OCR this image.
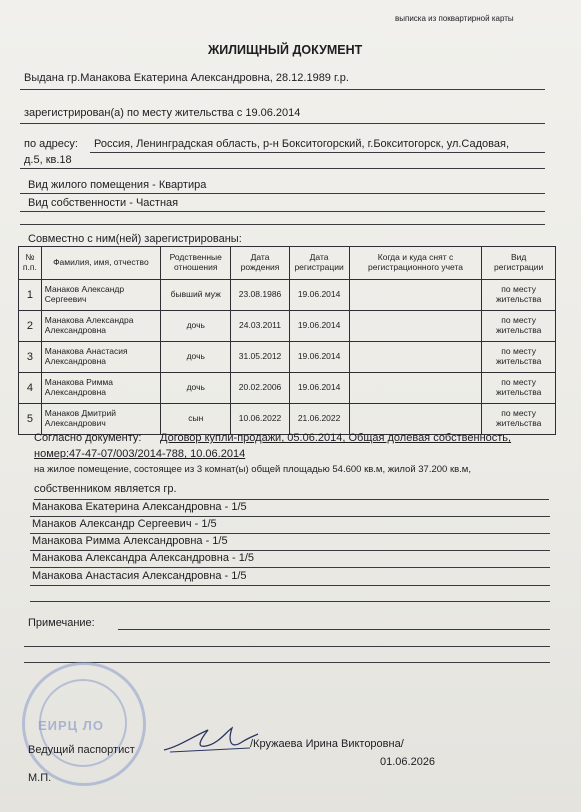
выписка из поквартирной карты
ЖИЛИЩНЫЙ ДОКУМЕНТ
Выдана гр.Манакова Екатерина Александровна, 28.12.1989 г.р.
зарегистрирован(а) по месту жительства с 19.06.2014
по адресу: Россия, Ленинградская область, р-н Бокситогорский, г.Бокситогорск, ул.Садовая,
д.5, кв.18
Вид жилого помещения - Квартира
Вид собственности - Частная
Совместно с ним(ней) зарегистрированы:
№ п.п.	Фамилия, имя, отчество	Родственные отношения	Дата рождения	Дата регистрации	Когда и куда снят с регистрационного учета	Вид регистрации
1	Манаков Александр Сергеевич	бывший муж	23.08.1986	19.06.2014		по месту жительства
2	Манакова Александра Александровна	дочь	24.03.2011	19.06.2014		по месту жительства
3	Манакова Анастасия Александровна	дочь	31.05.2012	19.06.2014		по месту жительства
4	Манакова Римма Александровна	дочь	20.02.2006	19.06.2014		по месту жительства
5	Манаков Дмитрий Александрович	сын	10.06.2022	21.06.2022		по месту жительства
Согласно документу: Договор купли-продажи, 05.06.2014, Общая долевая собственность,
номер:47-47-07/003/2014-788, 10.06.2014
на жилое помещение, состоящее из 3 комнат(ы) общей площадью 54.600 кв.м, жилой 37.200 кв.м,
собственником является гр.
Манакова Екатерина Александровна - 1/5
Манаков Александр Сергеевич - 1/5
Манакова Римма Александровна - 1/5
Манакова Александра Александровна - 1/5
Манакова Анастасия Александровна - 1/5
Примечание:
ЕИРЦ ЛО
Ведущий паспортист	/Кружаева Ирина Викторовна/
01.06.2026
М.П.
